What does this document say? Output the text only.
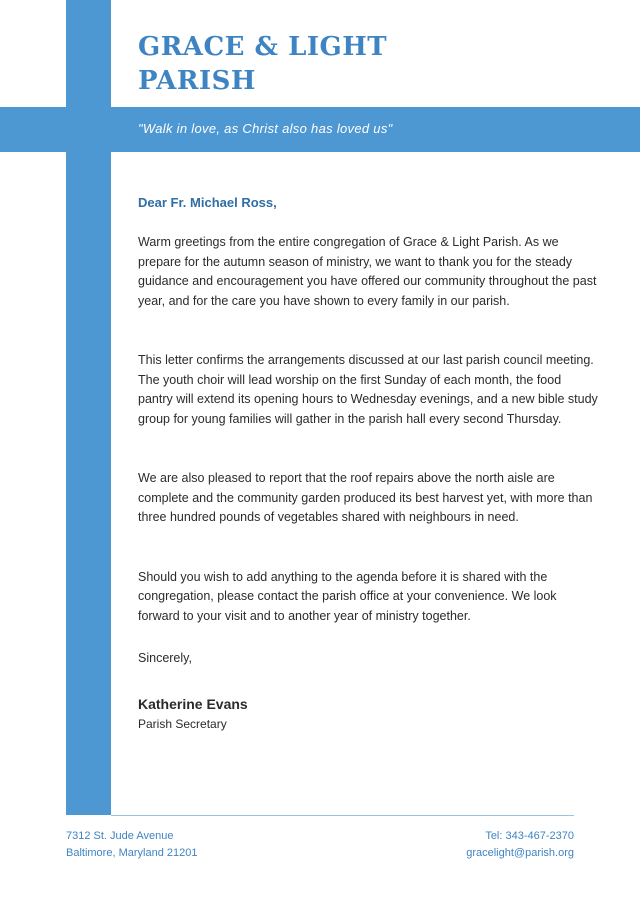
GRACE & LIGHT
PARISH
"Walk in love, as Christ also has loved us"

Dear Fr. Michael Ross,

Warm greetings from the entire congregation of Grace & Light Parish. As we prepare for the autumn season of ministry, we want to thank you for the steady guidance and encouragement you have offered our community throughout the past year, and for the care you have shown to every family in our parish.

This letter confirms the arrangements discussed at our last parish council meeting. The youth choir will lead worship on the first Sunday of each month, the food pantry will extend its opening hours to Wednesday evenings, and a new bible study group for young families will gather in the parish hall every second Thursday.

We are also pleased to report that the roof repairs above the north aisle are complete and the community garden produced its best harvest yet, with more than three hundred pounds of vegetables shared with neighbours in need.

Should you wish to add anything to the agenda before it is shared with the congregation, please contact the parish office at your convenience. We look forward to your visit and to another year of ministry together.

Sincerely,

Katherine Evans

Parish Secretary

7312 St. Jude Avenue
Baltimore, Maryland 21201
Tel: 343-467-2370
gracelight@parish.org
